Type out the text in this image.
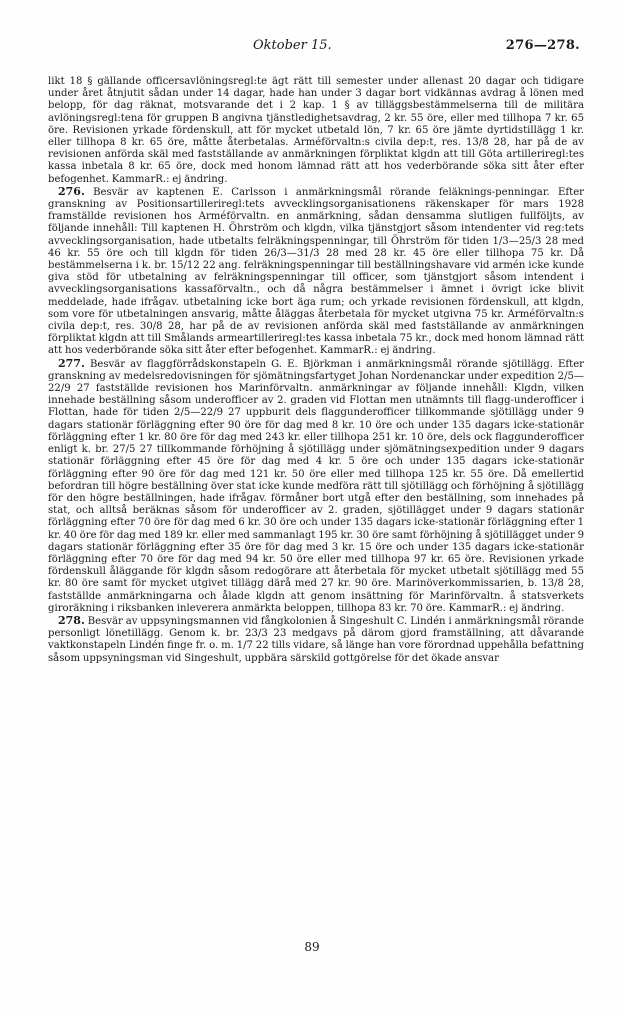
Oktober 15.	276—278.

likt 18 § gällande officersavlöningsregl:te ägt rätt till semester under allenast 20 dagar och tidigare under året åtnjutit sådan under 14 dagar, hade han under 3 dagar bort vidkännas avdrag å lönen med belopp, för dag räknat, motsvarande det i 2 kap. 1 § av tilläggsbestämmelserna till de militära avlöningsregl:tena för gruppen B angivna tjänstledighetsavdrag, 2 kr. 55 öre, eller med tillhopa 7 kr. 65 öre. Revisionen yrkade fördenskull, att för mycket utbetald lön, 7 kr. 65 öre jämte dyrtidstillägg 1 kr. eller tillhopa 8 kr. 65 öre, måtte återbetalas. Arméförvaltn:s civila dep:t, res. 13/8 28, har på de av revisionen anförda skäl med fastställande av anmärkningen förpliktat klgdn att till Göta artilleriregl:tes kassa inbetala 8 kr. 65 öre, dock med honom lämnad rätt att hos vederbörande söka sitt åter efter befogenhet. KammarR.: ej ändring.

276. Besvär av kaptenen E. Carlsson i anmärkningsmål rörande feläknings-penningar. Efter granskning av Positionsartilleriregl:tets avvecklingsorganisationens räkenskaper för mars 1928 framställde revisionen hos Arméförvaltn. en anmärkning, sådan densamma slutligen fullföljts, av följande innehåll: Till kaptenen H. Öhrström och klgdn, vilka tjänstgjort såsom intendenter vid reg:tets avvecklingsorganisation, hade utbetalts felräkningspenningar, till Öhrström för tiden 1/3—25/3 28 med 46 kr. 55 öre och till klgdn för tiden 26/3—31/3 28 med 28 kr. 45 öre eller tillhopa 75 kr. Då bestämmelserna i k. br. 15/12 22 ang. felräkningspenningar till beställningshavare vid armén icke kunde giva stöd för utbetalning av felräkningspenningar till officer, som tjänstgjort såsom intendent i avvecklingsorganisations kassaförvaltn., och då några bestämmelser i ämnet i övrigt icke blivit meddelade, hade ifrågav. utbetalning icke bort äga rum; och yrkade revisionen fördenskull, att klgdn, som vore för utbetalningen ansvarig, måtte åläggas återbetala för mycket utgivna 75 kr. Arméförvaltn:s civila dep:t, res. 30/8 28, har på de av revisionen anförda skäl med fastställande av anmärkningen förpliktat klgdn att till Smålands armeartilleriregl:tes kassa inbetala 75 kr., dock med honom lämnad rätt att hos vederbörande söka sitt åter efter befogenhet. KammarR.: ej ändring.

277. Besvär av flaggförrådskonstapeln G. E. Björkman i anmärkningsmål rörande sjötillägg. Efter granskning av medelsredovisningen för sjömätningsfartyget Johan Nordenanckar under expedition 2/5—22/9 27 fastställde revisionen hos Marinförvaltn. anmärkningar av följande innehåll: Klgdn, vilken innehade beställning såsom underofficer av 2. graden vid Flottan men utnämnts till flagg-underofficer i Flottan, hade för tiden 2/5—22/9 27 uppburit dels flaggunderofficer tillkommande sjötillägg under 9 dagars stationär förläggning efter 90 öre för dag med 8 kr. 10 öre och under 135 dagars icke-stationär förläggning efter 1 kr. 80 öre för dag med 243 kr. eller tillhopa 251 kr. 10 öre, dels ock flaggunderofficer enligt k. br. 27/5 27 tillkommande förhöjning å sjötillägg under sjömätningsexpedition under 9 dagars stationär förläggning efter 45 öre för dag med 4 kr. 5 öre och under 135 dagars icke-stationär förläggning efter 90 öre för dag med 121 kr. 50 öre eller med tillhopa 125 kr. 55 öre. Då emellertid befordran till högre beställning över stat icke kunde medföra rätt till sjötillägg och förhöjning å sjötillägg för den högre beställningen, hade ifrågav. förmåner bort utgå efter den beställning, som innehades på stat, och alltså beräknas såsom för underofficer av 2. graden, sjötillägget under 9 dagars stationär förläggning efter 70 öre för dag med 6 kr. 30 öre och under 135 dagars icke-stationär förläggning efter 1 kr. 40 öre för dag med 189 kr. eller med sammanlagt 195 kr. 30 öre samt förhöjning å sjötillägget under 9 dagars stationär förläggning efter 35 öre för dag med 3 kr. 15 öre och under 135 dagars icke-stationär förläggning efter 70 öre för dag med 94 kr. 50 öre eller med tillhopa 97 kr. 65 öre. Revisionen yrkade fördenskull åläggande för klgdn såsom redogörare att återbetala för mycket utbetalt sjötillägg med 55 kr. 80 öre samt för mycket utgivet tillägg därå med 27 kr. 90 öre. Marinöverkommissarien, b. 13/8 28, fastställde anmärkningarna och ålade klgdn att genom insättning för Marinförvaltn. å statsverkets giroräkning i riksbanken inleverera anmärkta beloppen, tillhopa 83 kr. 70 öre. KammarR.: ej ändring.

278. Besvär av uppsyningsmannen vid fångkolonien å Singeshult C. Lindén i anmärkningsmål rörande personligt lönetillägg. Genom k. br. 23/3 23 medgavs på därom gjord framställning, att dåvarande vaktkonstapeln Lindén finge fr. o. m. 1/7 22 tills vidare, så länge han vore förordnad uppehålla befattning såsom uppsyningsman vid Singeshult, uppbära särskild gottgörelse för det ökade ansvar

89
